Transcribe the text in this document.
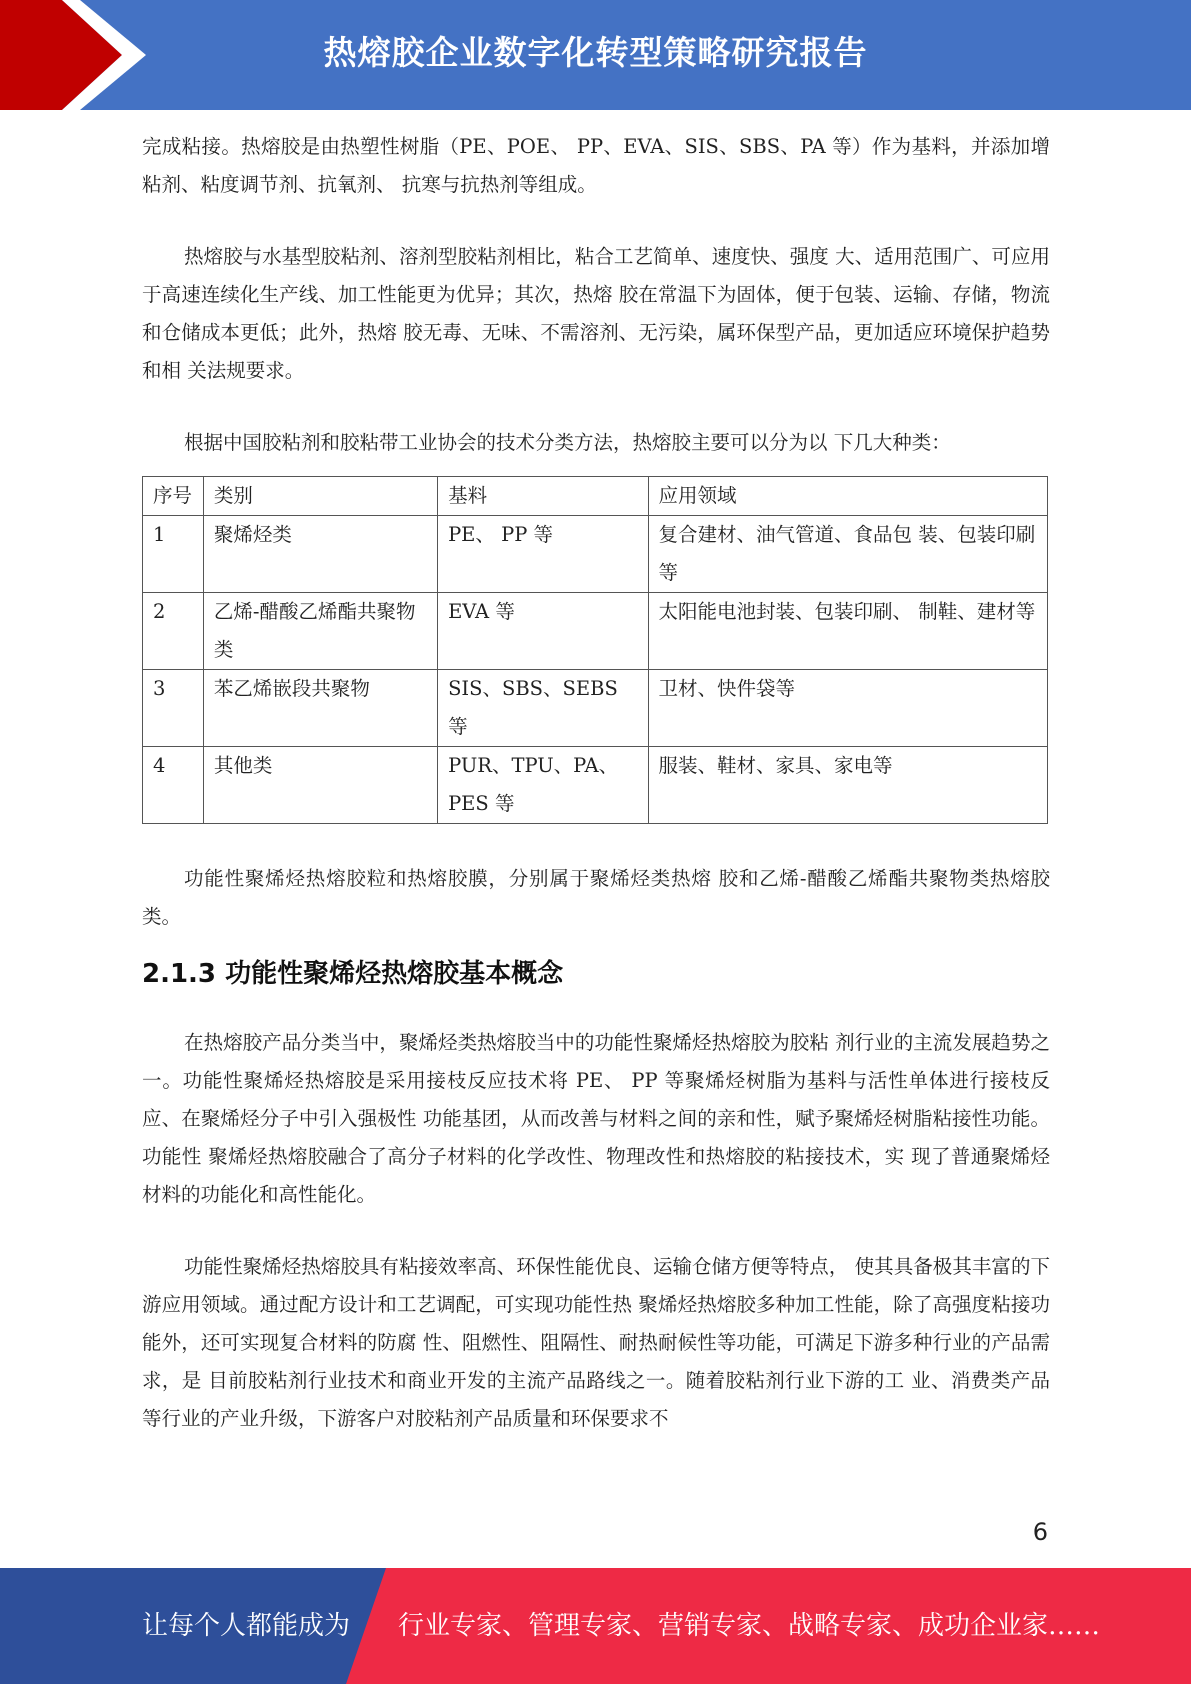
热熔胶企业数字化转型策略研究报告

完成粘接。热熔胶是由热塑性树脂（PE、POE、 PP、EVA、SIS、SBS、PA 等）作为基料，并添加增粘剂、粘度调节剂、抗氧剂、 抗寒与抗热剂等组成。

热熔胶与水基型胶粘剂、溶剂型胶粘剂相比，粘合工艺简单、速度快、强度 大、适用范围广、可应用于高速连续化生产线、加工性能更为优异；其次，热熔 胶在常温下为固体，便于包装、运输、存储，物流和仓储成本更低；此外，热熔 胶无毒、无味、不需溶剂、无污染，属环保型产品，更加适应环境保护趋势和相 关法规要求。

根据中国胶粘剂和胶粘带工业协会的技术分类方法，热熔胶主要可以分为以 下几大种类：

序号	类别	基料	应用领域
1	聚烯烃类	PE、 PP 等	复合建材、油气管道、食品包 装、包装印刷等
2	乙烯-醋酸乙烯酯共聚物类	EVA 等	太阳能电池封装、包装印刷、 制鞋、建材等
3	苯乙烯嵌段共聚物	SIS、SBS、SEBS 等	卫材、快件袋等
4	其他类	PUR、TPU、PA、PES 等	服装、鞋材、家具、家电等

功能性聚烯烃热熔胶粒和热熔胶膜，分别属于聚烯烃类热熔 胶和乙烯-醋酸乙烯酯共聚物类热熔胶类。

2.1.3 功能性聚烯烃热熔胶基本概念

在热熔胶产品分类当中，聚烯烃类热熔胶当中的功能性聚烯烃热熔胶为胶粘 剂行业的主流发展趋势之一。功能性聚烯烃热熔胶是采用接枝反应技术将 PE、 PP 等聚烯烃树脂为基料与活性单体进行接枝反应、在聚烯烃分子中引入强极性 功能基团，从而改善与材料之间的亲和性，赋予聚烯烃树脂粘接性功能。功能性 聚烯烃热熔胶融合了高分子材料的化学改性、物理改性和热熔胶的粘接技术，实 现了普通聚烯烃材料的功能化和高性能化。

功能性聚烯烃热熔胶具有粘接效率高、环保性能优良、运输仓储方便等特点， 使其具备极其丰富的下游应用领域。通过配方设计和工艺调配，可实现功能性热 聚烯烃热熔胶多种加工性能，除了高强度粘接功能外，还可实现复合材料的防腐 性、阻燃性、阻隔性、耐热耐候性等功能，可满足下游多种行业的产品需求，是 目前胶粘剂行业技术和商业开发的主流产品路线之一。随着胶粘剂行业下游的工 业、消费类产品等行业的产业升级，下游客户对胶粘剂产品质量和环保要求不

6
让每个人都能成为 行业专家、管理专家、营销专家、战略专家、成功企业家……
